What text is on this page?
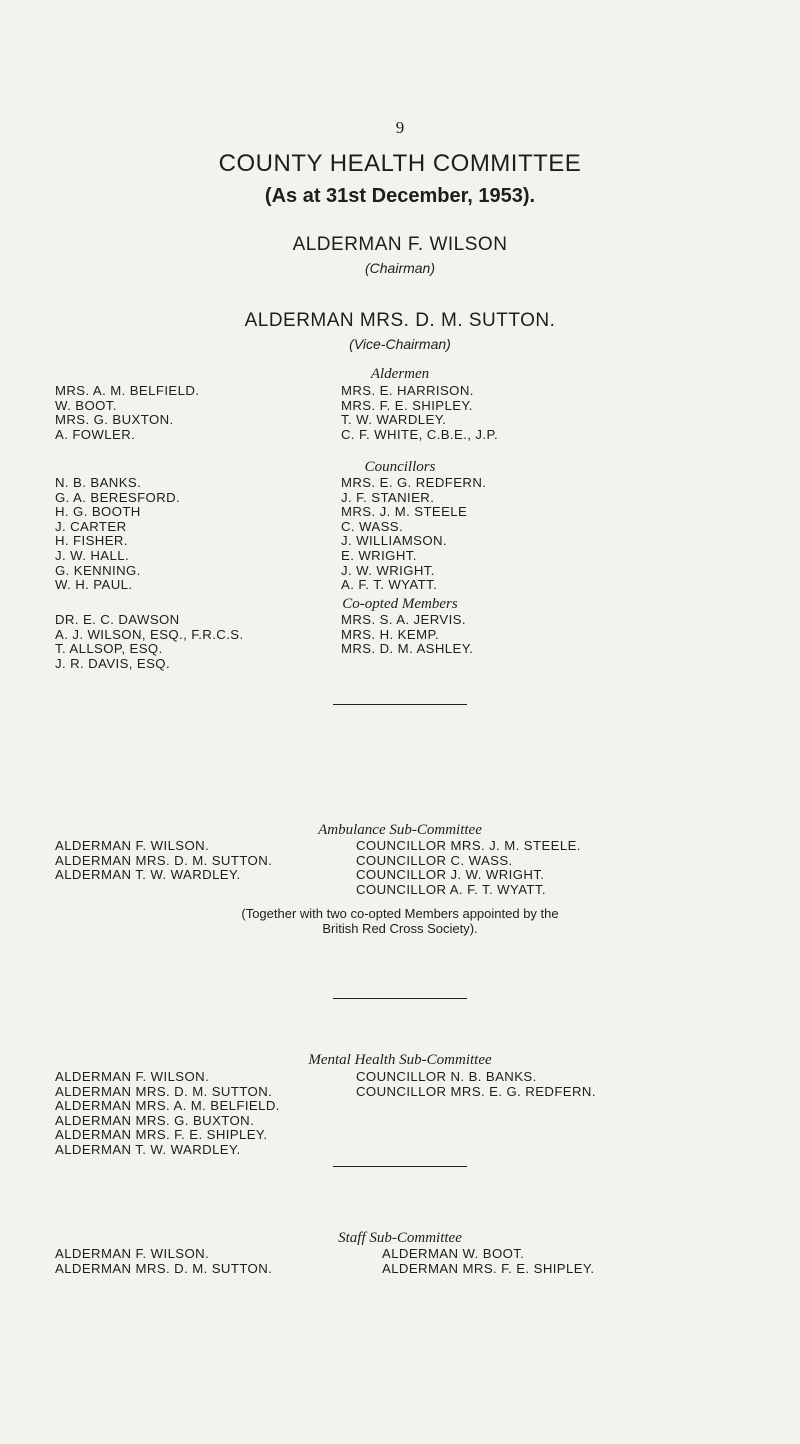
9
COUNTY HEALTH COMMITTEE
(As at 31st December, 1953).
ALDERMAN F. WILSON
(Chairman)
ALDERMAN MRS. D. M. SUTTON.
(Vice-Chairman)
Aldermen
MRS. A. M. BELFIELD.
W. BOOT.
MRS. G. BUXTON.
A. FOWLER.
MRS. E. HARRISON.
MRS. F. E. SHIPLEY.
T. W. WARDLEY.
C. F. WHITE, C.B.E., J.P.
Councillors
N. B. BANKS.
G. A. BERESFORD.
H. G. BOOTH
J. CARTER
H. FISHER.
J. W. HALL.
G. KENNING.
W. H. PAUL.
MRS. E. G. REDFERN.
J. F. STANIER.
MRS. J. M. STEELE
C. WASS.
J. WILLIAMSON.
E. WRIGHT.
J. W. WRIGHT.
A. F. T. WYATT.
Co-opted Members
DR. E. C. DAWSON
A. J. WILSON, ESQ., F.R.C.S.
T. ALLSOP, ESQ.
J. R. DAVIS, ESQ.
MRS. S. A. JERVIS.
MRS. H. KEMP.
MRS. D. M. ASHLEY.
Ambulance Sub-Committee
ALDERMAN F. WILSON.
ALDERMAN MRS. D. M. SUTTON.
ALDERMAN T. W. WARDLEY.
COUNCILLOR MRS. J. M. STEELE.
COUNCILLOR C. WASS.
COUNCILLOR J. W. WRIGHT.
COUNCILLOR A. F. T. WYATT.
(Together with two co-opted Members appointed by the
British Red Cross Society).
Mental Health Sub-Committee
ALDERMAN F. WILSON.
ALDERMAN MRS. D. M. SUTTON.
ALDERMAN MRS. A. M. BELFIELD.
ALDERMAN MRS. G. BUXTON.
ALDERMAN MRS. F. E. SHIPLEY.
ALDERMAN T. W. WARDLEY.
COUNCILLOR N. B. BANKS.
COUNCILLOR MRS. E. G. REDFERN.
Staff Sub-Committee
ALDERMAN F. WILSON.
ALDERMAN MRS. D. M. SUTTON.
ALDERMAN W. BOOT.
ALDERMAN MRS. F. E. SHIPLEY.
